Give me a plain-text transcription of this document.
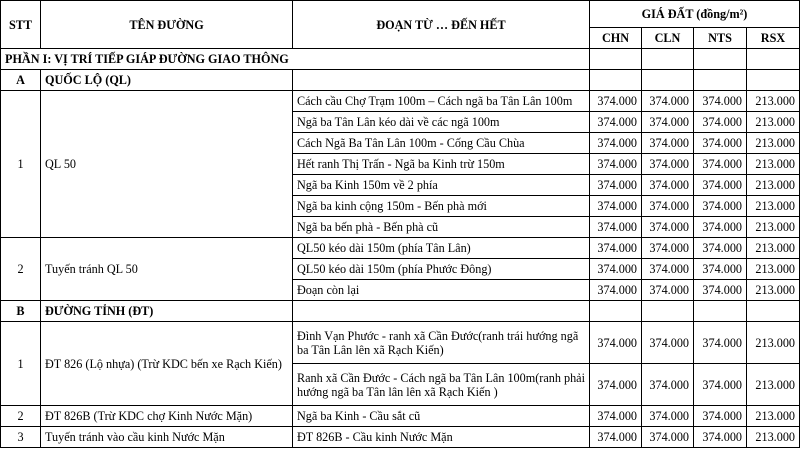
STT	TÊN ĐƯỜNG	ĐOẠN TỪ … ĐẾN HẾT	GIÁ ĐẤT (đồng/m²)			
			CHN	CLN	NTS	RSX
PHẦN I: VỊ TRÍ TIẾP GIÁP ĐƯỜNG GIAO THÔNG						
A	QUỐC LỘ (QL)					
1	QL 50	Cách cầu Chợ Trạm 100m – Cách ngã ba Tân Lân 100m	374.000	374.000	374.000	213.000
		Ngã ba Tân Lân kéo dài về các ngã 100m	374.000	374.000	374.000	213.000
		Cách Ngã Ba Tân Lân 100m - Cống Cầu Chùa	374.000	374.000	374.000	213.000
		Hết ranh Thị Trấn - Ngã ba Kinh trừ 150m	374.000	374.000	374.000	213.000
		Ngã ba Kinh 150m về 2 phía	374.000	374.000	374.000	213.000
		Ngã ba kinh cộng 150m - Bến phà mới	374.000	374.000	374.000	213.000
		Ngã ba bến phà - Bến phà cũ	374.000	374.000	374.000	213.000
2	Tuyến tránh QL 50	QL50 kéo dài 150m (phía Tân Lân)	374.000	374.000	374.000	213.000
		QL50 kéo dài 150m (phía Phước Đông)	374.000	374.000	374.000	213.000
		Đoạn còn lại	374.000	374.000	374.000	213.000
B	ĐƯỜNG TỈNH (ĐT)					
1	ĐT 826 (Lộ nhựa) (Trừ KDC bến xe Rạch Kiến)	Đình Vạn Phước - ranh xã Cần Đước(ranh trái hướng ngã ba Tân Lân lên xã Rạch Kiến)	374.000	374.000	374.000	213.000
		Ranh xã Cần Đước - Cách ngã ba Tân Lân 100m(ranh phải hướng ngã ba Tân lân lên xã Rạch Kiến )	374.000	374.000	374.000	213.000
2	ĐT 826B (Trừ KDC chợ Kinh Nước Mặn)	Ngã ba Kinh - Cầu sắt cũ	374.000	374.000	374.000	213.000
3	Tuyến tránh vào cầu kinh Nước Mặn	ĐT 826B - Cầu kinh Nước Mặn	374.000	374.000	374.000	213.000
